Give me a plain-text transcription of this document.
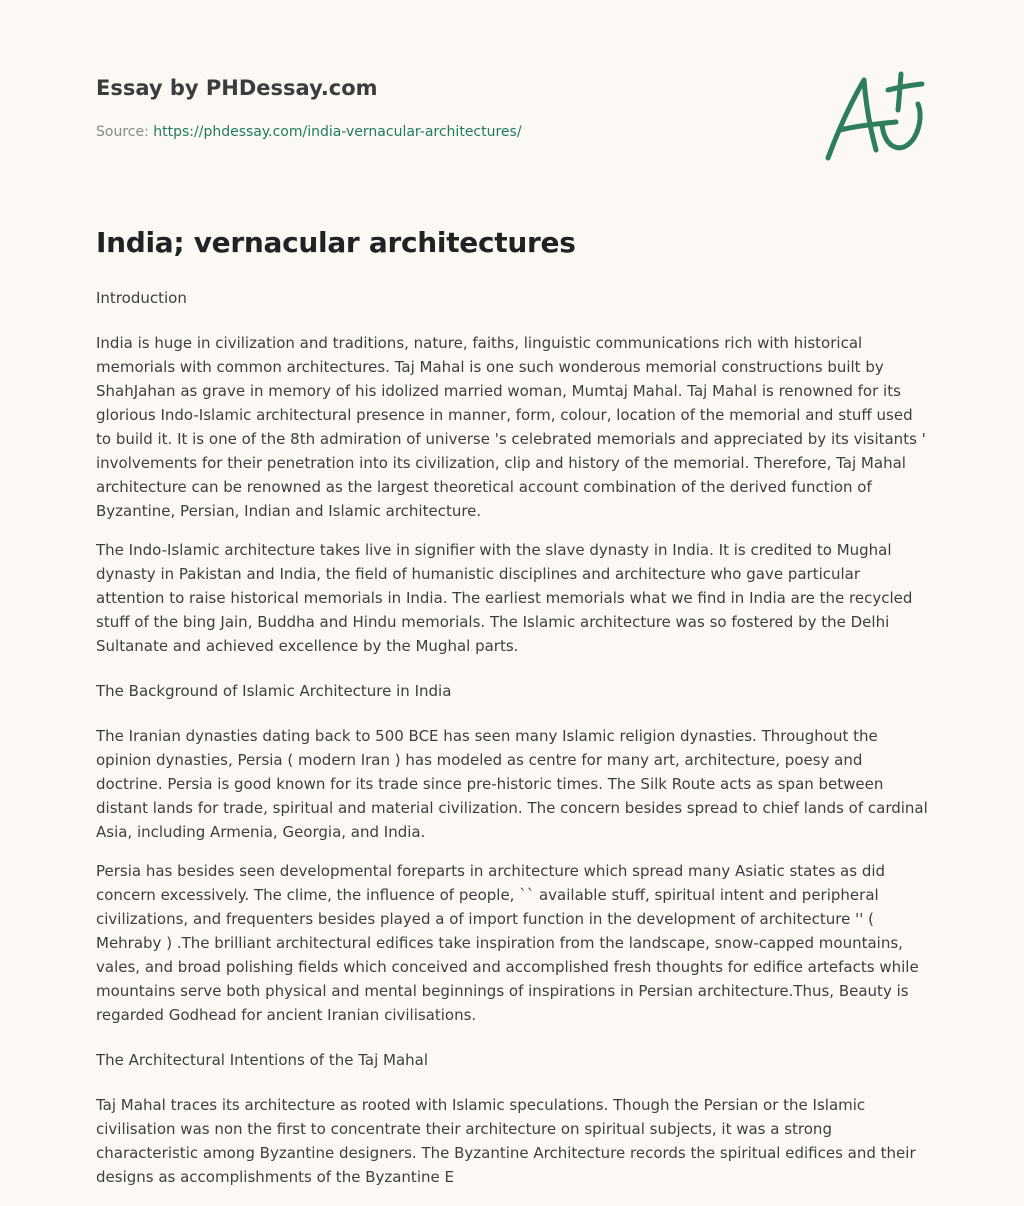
Essay by PHDessay.com
Source: https://phdessay.com/india-vernacular-architectures/
India; vernacular architectures

Introduction

India is huge in civilization and traditions, nature, faiths, linguistic communications rich with historical memorials with common architectures. Taj Mahal is one such wonderous memorial constructions built by ShahJahan as grave in memory of his idolized married woman, Mumtaj Mahal. Taj Mahal is renowned for its glorious Indo-Islamic architectural presence in manner, form, colour, location of the memorial and stuff used to build it. It is one of the 8th admiration of universe 's celebrated memorials and appreciated by its visitants ' involvements for their penetration into its civilization, clip and history of the memorial. Therefore, Taj Mahal architecture can be renowned as the largest theoretical account combination of the derived function of Byzantine, Persian, Indian and Islamic architecture.

The Indo-Islamic architecture takes live in signifier with the slave dynasty in India. It is credited to Mughal dynasty in Pakistan and India, the field of humanistic disciplines and architecture who gave particular attention to raise historical memorials in India. The earliest memorials what we find in India are the recycled stuff of the bing Jain, Buddha and Hindu memorials. The Islamic architecture was so fostered by the Delhi Sultanate and achieved excellence by the Mughal parts.

The Background of Islamic Architecture in India

The Iranian dynasties dating back to 500 BCE has seen many Islamic religion dynasties. Throughout the opinion dynasties, Persia ( modern Iran ) has modeled as centre for many art, architecture, poesy and doctrine. Persia is good known for its trade since pre-historic times. The Silk Route acts as span between distant lands for trade, spiritual and material civilization. The concern besides spread to chief lands of cardinal Asia, including Armenia, Georgia, and India.

Persia has besides seen developmental foreparts in architecture which spread many Asiatic states as did concern excessively. The clime, the influence of people, `` available stuff, spiritual intent and peripheral civilizations, and frequenters besides played a of import function in the development of architecture '' ( Mehraby ) .The brilliant architectural edifices take inspiration from the landscape, snow-capped mountains, vales, and broad polishing fields which conceived and accomplished fresh thoughts for edifice artefacts while mountains serve both physical and mental beginnings of inspirations in Persian architecture.Thus, Beauty is regarded Godhead for ancient Iranian civilisations.

The Architectural Intentions of the Taj Mahal

Taj Mahal traces its architecture as rooted with Islamic speculations. Though the Persian or the Islamic civilisation was non the first to concentrate their architecture on spiritual subjects, it was a strong characteristic among Byzantine designers. The Byzantine Architecture records the spiritual edifices and their designs as accomplishments of the Byzantine E
